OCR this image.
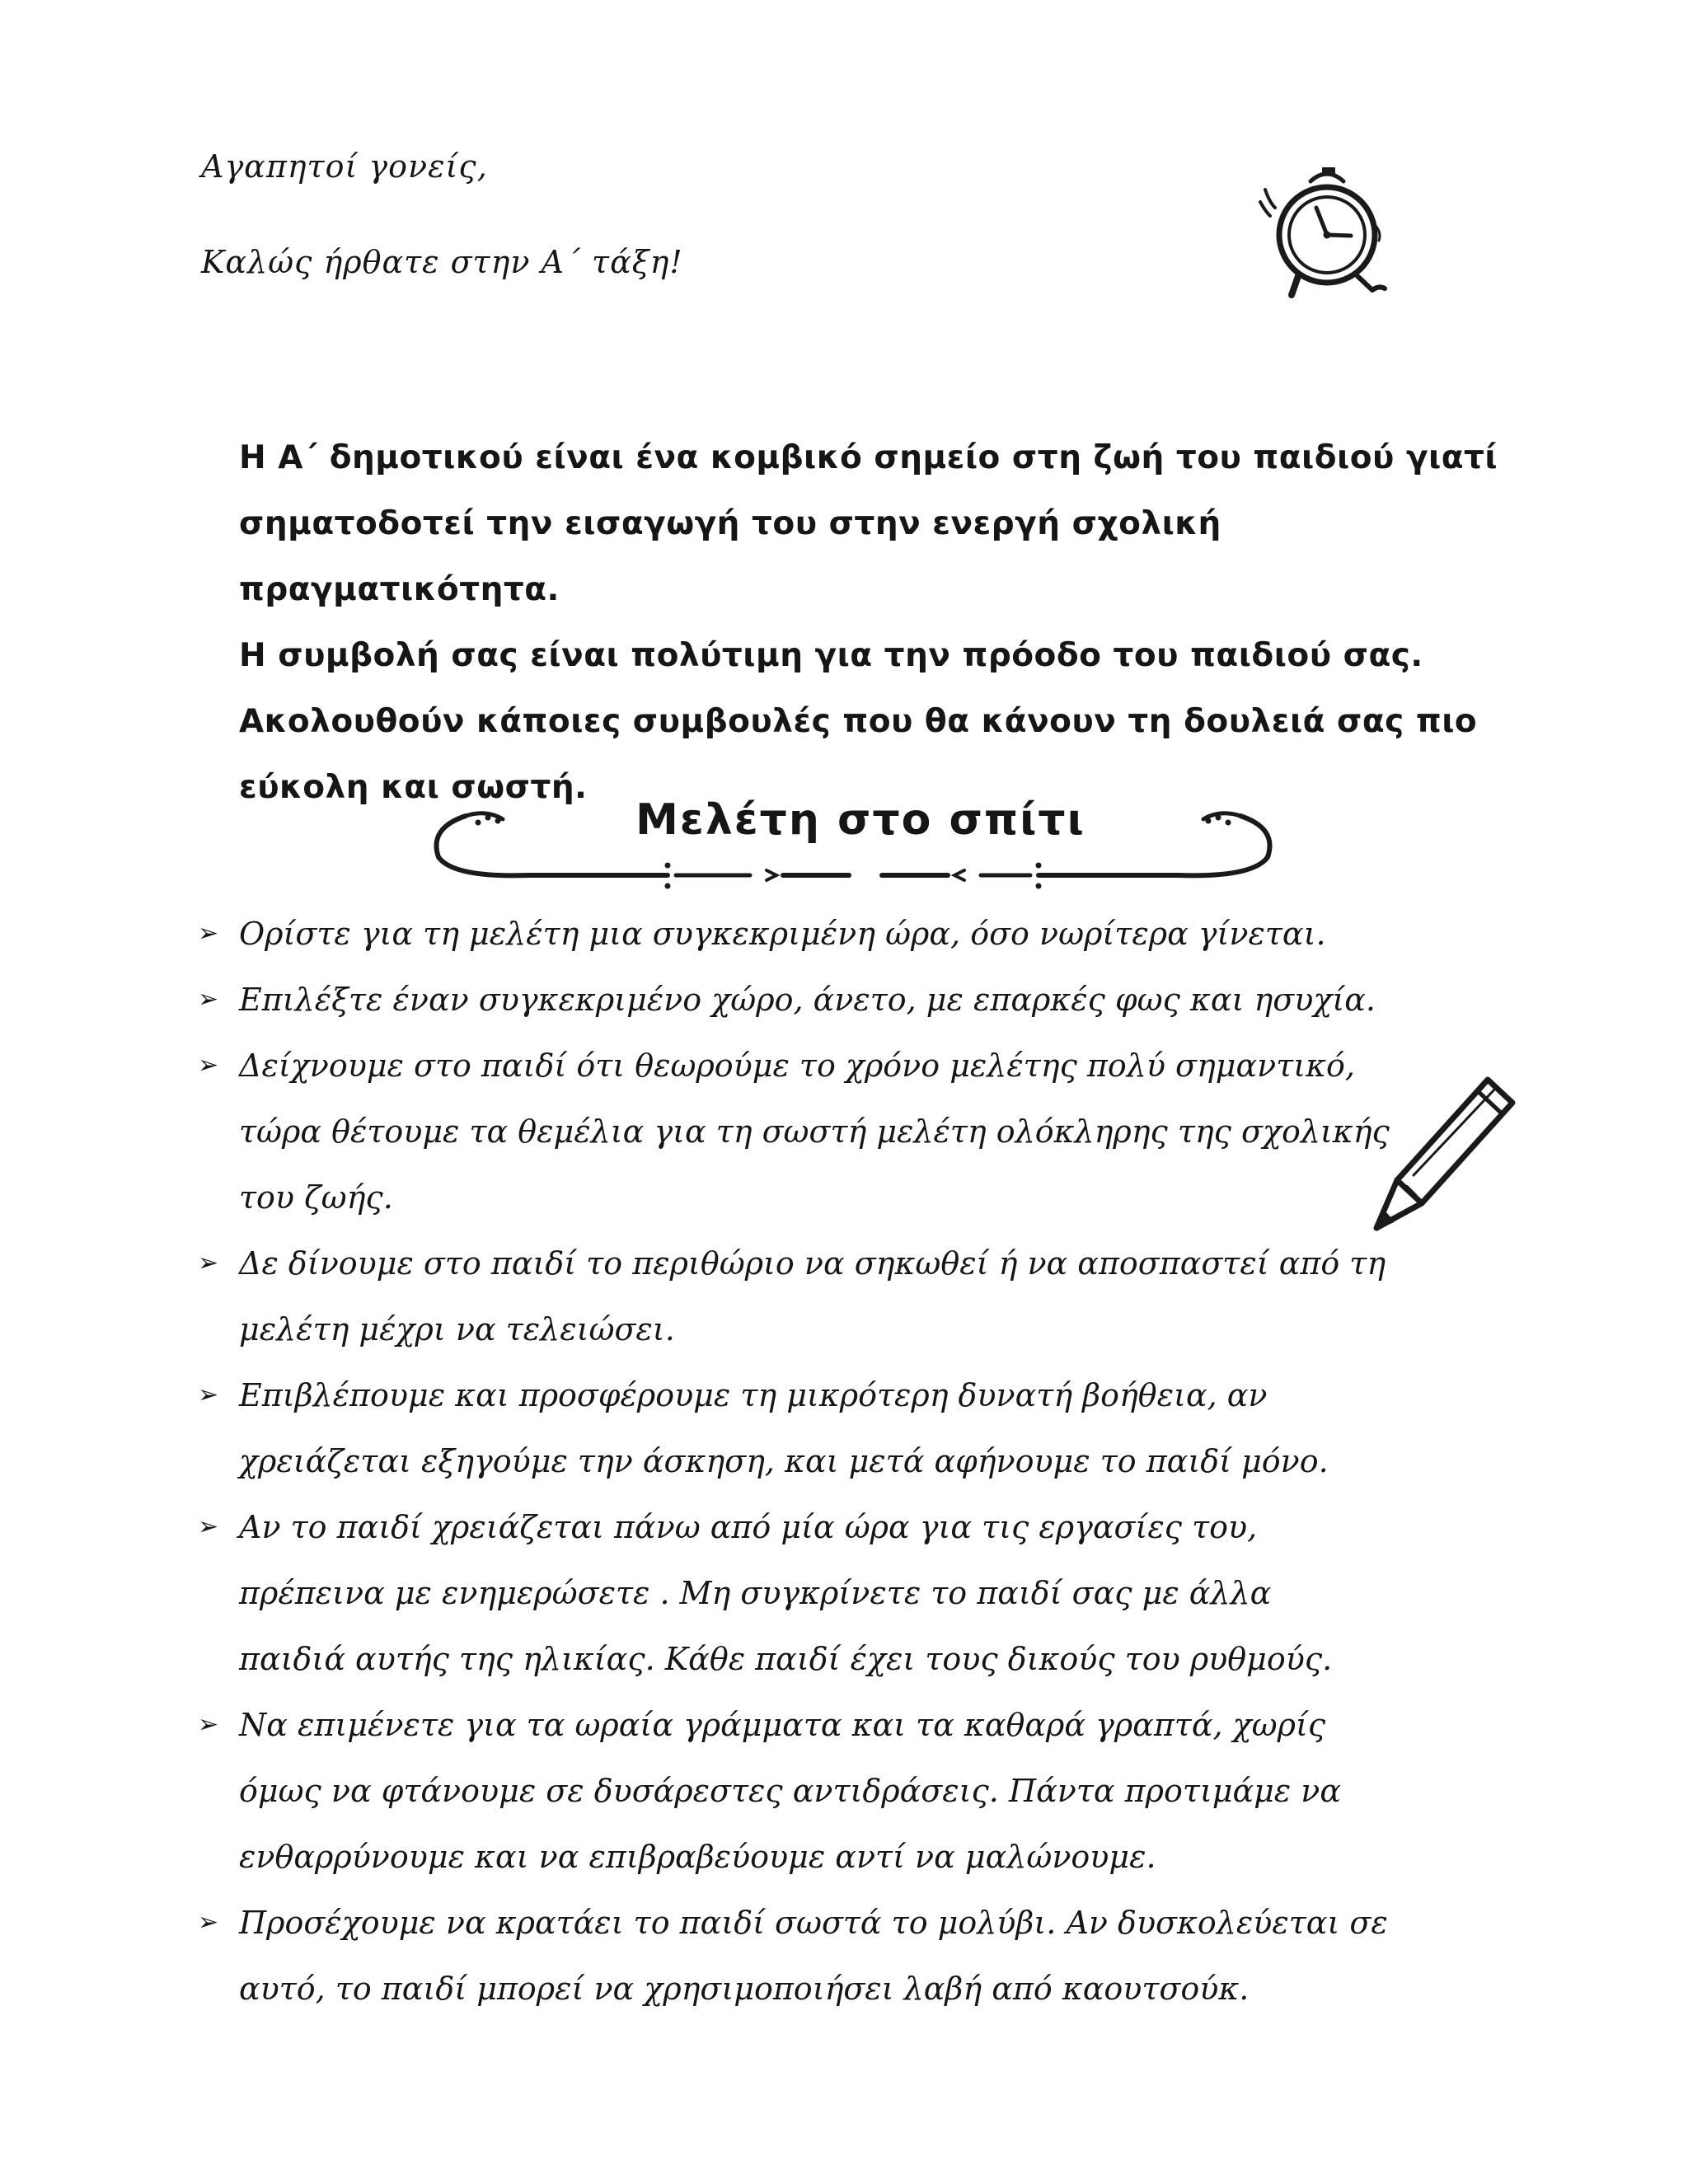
Αγαπητοί γονείς,

Καλώς ήρθατε στην Α΄ τάξη!

Η Α΄ δημοτικού είναι ένα κομβικό σημείο στη ζωή του παιδιού γιατί
σηματοδοτεί την εισαγωγή του στην ενεργή σχολική πραγματικότητα.
Η συμβολή σας είναι πολύτιμη για την πρόοδο του παιδιού σας.
Ακολουθούν κάποιες συμβουλές που θα κάνουν τη δουλειά σας πιο
εύκολη και σωστή.

Μελέτη στο σπίτι
➢ Ορίστε για τη μελέτη μια συγκεκριμένη ώρα, όσο νωρίτερα γίνεται.
➢ Επιλέξτε έναν συγκεκριμένο χώρο, άνετο, με επαρκές φως και ησυχία.
➢ Δείχνουμε στο παιδί ότι θεωρούμε το χρόνο μελέτης πολύ σημαντικό,
τώρα θέτουμε τα θεμέλια για τη σωστή μελέτη ολόκληρης της σχολικής
του ζωής.
➢ Δε δίνουμε στο παιδί το περιθώριο να σηκωθεί ή να αποσπαστεί από τη
μελέτη μέχρι να τελειώσει.
➢ Επιβλέπουμε και προσφέρουμε τη μικρότερη δυνατή βοήθεια, αν
χρειάζεται εξηγούμε την άσκηση, και μετά αφήνουμε το παιδί μόνο.
➢ Αν το παιδί χρειάζεται πάνω από μία ώρα για τις εργασίες του,
πρέπεινα με ενημερώσετε . Μη συγκρίνετε το παιδί σας με άλλα
παιδιά αυτής της ηλικίας. Κάθε παιδί έχει τους δικούς του ρυθμούς.
➢ Να επιμένετε για τα ωραία γράμματα και τα καθαρά γραπτά, χωρίς
όμως να φτάνουμε σε δυσάρεστες αντιδράσεις. Πάντα προτιμάμε να
ενθαρρύνουμε και να επιβραβεύουμε αντί να μαλώνουμε.
➢ Προσέχουμε να κρατάει το παιδί σωστά το μολύβι. Αν δυσκολεύεται σε
αυτό, το παιδί μπορεί να χρησιμοποιήσει λαβή από καουτσούκ.
